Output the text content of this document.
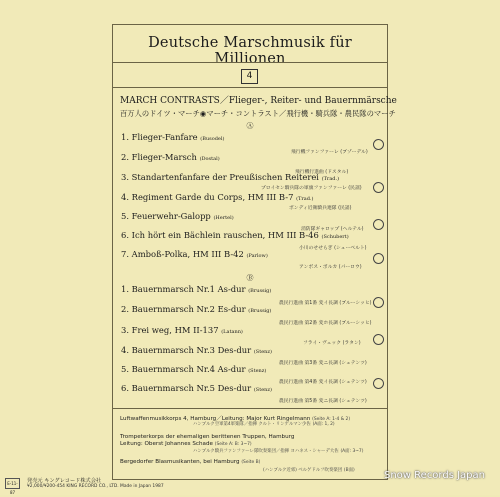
Deutsche Marschmusik für Millionen
4
MARCH CONTRASTS／Flieger-, Reiter- und Bauernmärsche
百万人のドイツ・マーチ◉マーチ・コントラスト／飛行機・騎兵隊・農民隊のマーチ
Ⓐ
1. Flieger-Fanfare (Busodel)
飛行機ファンファーレ (ブゾーデル)
2. Flieger-Marsch (Dostal)
飛行機行進曲 (ドスタル)
3. Standartenfanfare der Preußischen Reiterei (Trad.)
プロイセン騎兵隊の軍旗ファンファーレ (民謡)
4. Regiment Garde du Corps, HM III B-7 (Trad.)
ボンディ近衛騎兵連隊 (民謡)
5. Feuerwehr-Galopp (Hertel)
消防隊ギャロップ (ヘルテル)
6. Ich hört ein Bächlein rauschen, HM III B-46 (Schubert)
小川のせせらぎ (シューベルト)
7. Amboß-Polka, HM III B-42 (Parlow)
アンボス・ポルカ (パーロウ)
Ⓑ
1. Bauernmarsch Nr.1 As-dur (Brussig)
農民行進曲 第1番 変イ長調 (ブルーシッヒ)
2. Bauernmarsch Nr.2 Es-dur (Brussig)
農民行進曲 第2番 変ホ長調 (ブルーシッヒ)
3. Frei weg, HM II-137 (Latann)
フライ・ヴェック (ラタン)
4. Bauernmarsch Nr.3 Des-dur (Stenz)
農民行進曲 第3番 変ニ長調 (シュテンツ)
5. Bauernmarsch Nr.4 As-dur (Stenz)
農民行進曲 第4番 変イ長調 (シュテンツ)
6. Bauernmarsch Nr.5 Des-dur (Stenz)
農民行進曲 第5番 変ニ長調 (シュテンツ)
Luftwaffenmusikkorps 4, Hamburg／Leitung: Major Kurt Ringelmann (Seite A: 1-4 & 2)
ハンブルク空軍第4軍楽隊／指揮 クルト・リンゲルマン少佐 (A面: 1, 2)
Trompeterkorps der ehemaligen berittenen Truppen, Hamburg
Leitung: Oberst Johannes Schade (Seite A: B: 3~7)
ハンブルク騎兵ファンファーレ隊吹奏楽団／指揮 ヨハネス・シャーデ大佐 (A面: 3~7)
Bergedorfer Blasmusikanten, bei Hamburg (Seite B)
(ハンブルク近郊) ベルゲドルフ吹奏楽団 (B面)
E-11-87
発売元 キングレコード株式会社
¥2,000/¥200-454 KING RECORD CO., LTD. Made in Japan 1987
Snow Records Japan
